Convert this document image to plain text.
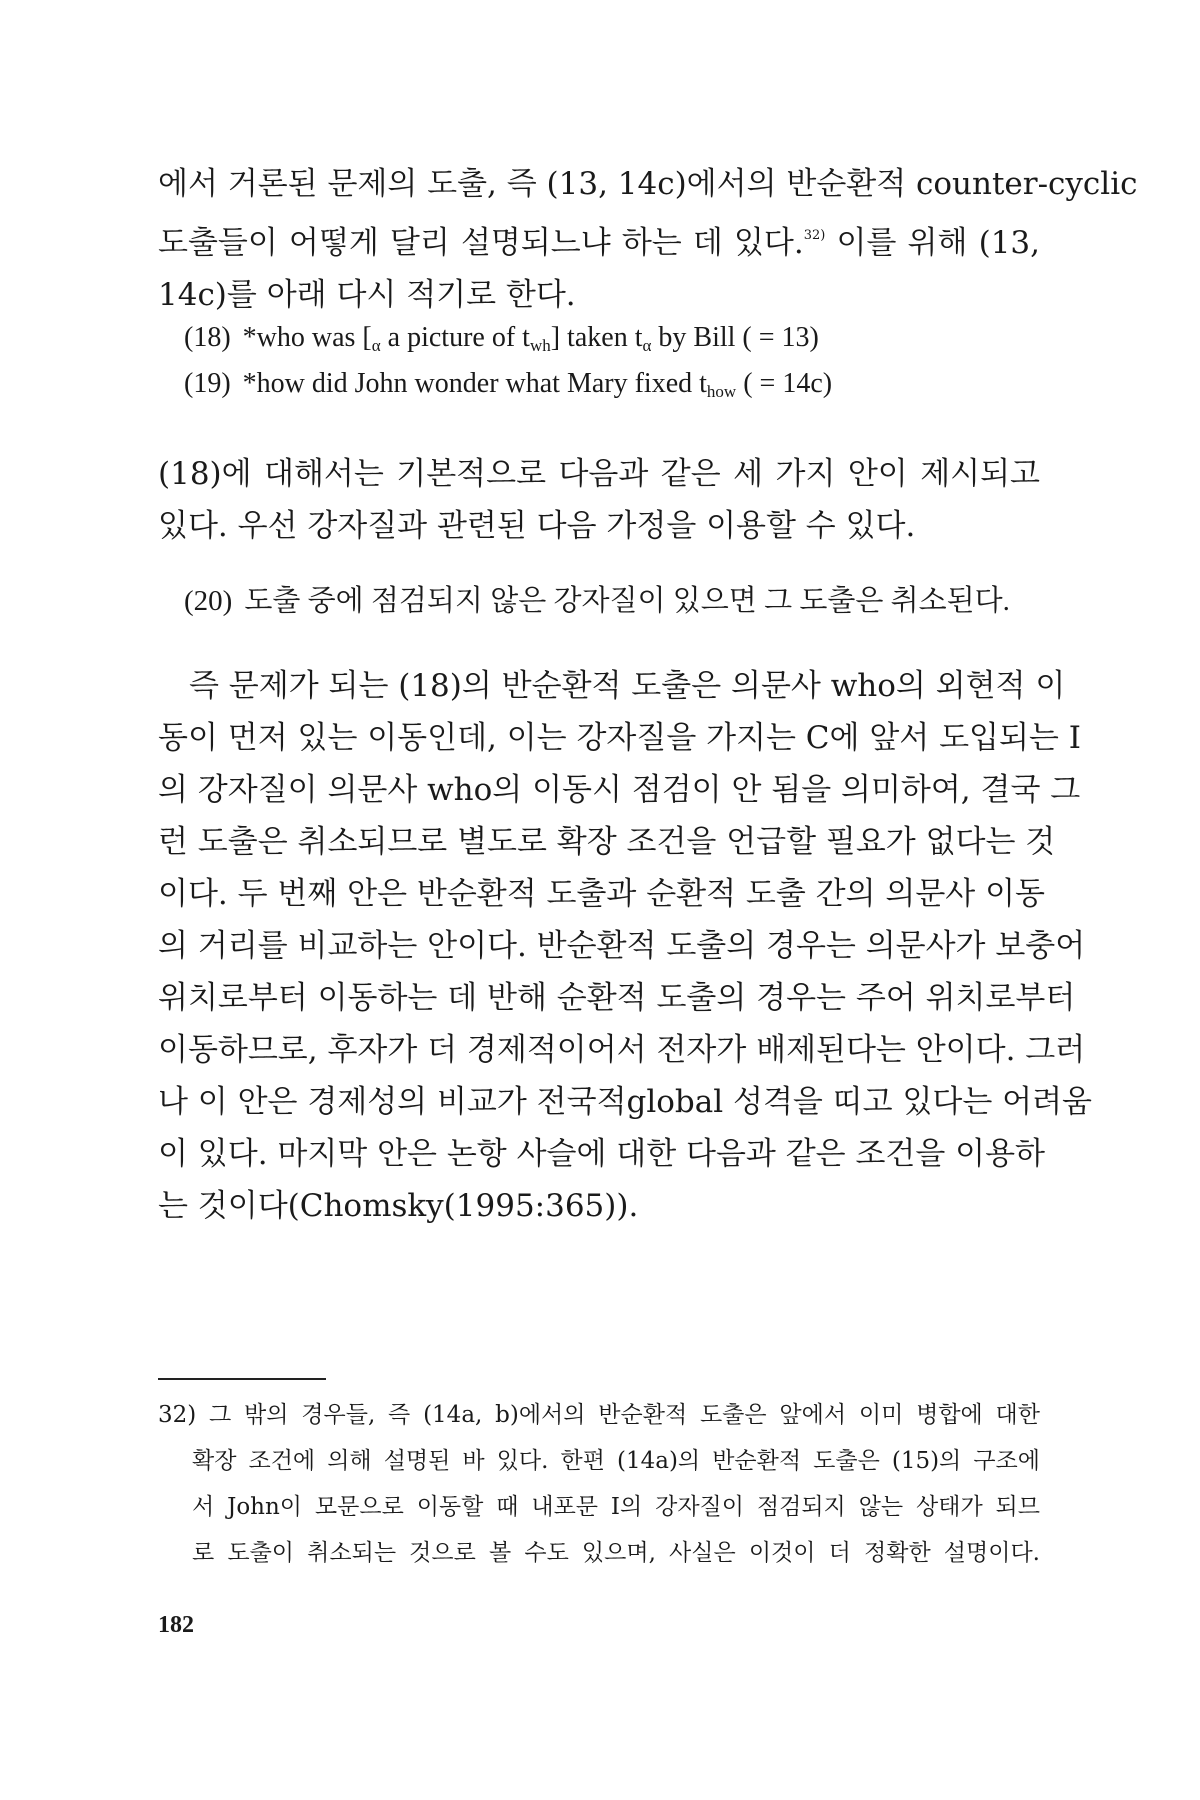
에서 거론된 문제의 도출, 즉 (13, 14c)에서의 반순환적 counter-cyclic
도출들이 어떻게 달리 설명되느냐 하는 데 있다.$^{32)}$ 이를 위해 (13,
14c)를 아래 다시 적기로 한다.

(18) *who was [$_\alpha$ a picture of $t_{wh}$] taken $t_\alpha$ by Bill ( = 13)
(19) *how did John wonder what Mary fixed $t_{how}$ ( = 14c)

(18)에 대해서는 기본적으로 다음과 같은 세 가지 안이 제시되고
있다. 우선 강자질과 관련된 다음 가정을 이용할 수 있다.

(20) 도출 중에 점검되지 않은 강자질이 있으면 그 도출은 취소된다.

즉 문제가 되는 (18)의 반순환적 도출은 의문사 who의 외현적 이
동이 먼저 있는 이동인데, 이는 강자질을 가지는 C에 앞서 도입되는 I
의 강자질이 의문사 who의 이동시 점검이 안 됨을 의미하여, 결국 그
런 도출은 취소되므로 별도로 확장 조건을 언급할 필요가 없다는 것
이다. 두 번째 안은 반순환적 도출과 순환적 도출 간의 의문사 이동
의 거리를 비교하는 안이다. 반순환적 도출의 경우는 의문사가 보충어
위치로부터 이동하는 데 반해 순환적 도출의 경우는 주어 위치로부터
이동하므로, 후자가 더 경제적이어서 전자가 배제된다는 안이다. 그러
나 이 안은 경제성의 비교가 전국적global 성격을 띠고 있다는 어려움
이 있다. 마지막 안은 논항 사슬에 대한 다음과 같은 조건을 이용하
는 것이다(Chomsky(1995:365)).

32) 그 밖의 경우들, 즉 (14a, b)에서의 반순환적 도출은 앞에서 이미 병합에 대한
확장 조건에 의해 설명된 바 있다. 한편 (14a)의 반순환적 도출은 (15)의 구조에
서 John이 모문으로 이동할 때 내포문 I의 강자질이 점검되지 않는 상태가 되므
로 도출이 취소되는 것으로 볼 수도 있으며, 사실은 이것이 더 정확한 설명이다.
182
